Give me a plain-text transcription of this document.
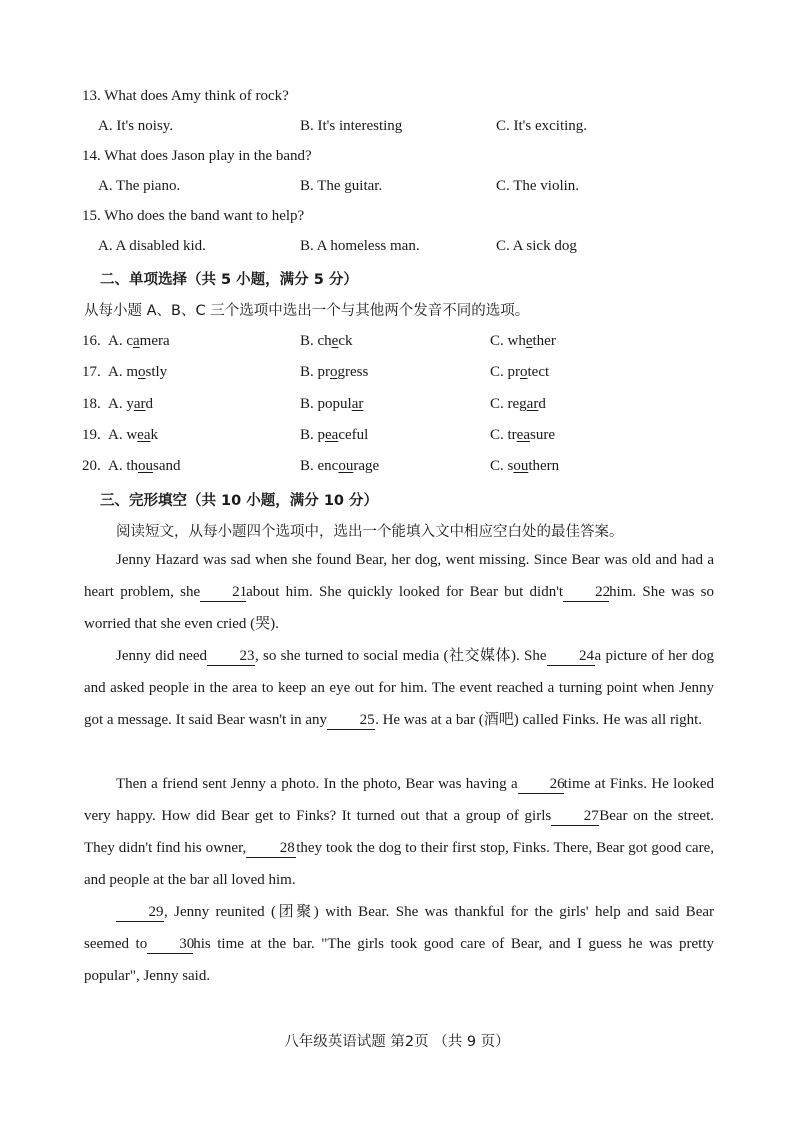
13. What does Amy think of rock?
A. It's noisy.	B. It's interesting	C. It's exciting.
14. What does Jason play in the band?
A. The piano.	B. The guitar.	C. The violin.
15. Who does the band want to help?
A. A disabled kid.	B. A homeless man.	C. A sick dog
二、单项选择（共 5 小题，满分 5 分）
从每小题 A、B、C 三个选项中选出一个与其他两个发音不同的选项。
16. A. camera	B. check	C. whether
17. A. mostly	B. progress	C. protect
18. A. yard	B. popular	C. regard
19. A. weak	B. peaceful	C. treasure
20. A. thousand	B. encourage	C. southern
三、完形填空（共 10 小题，满分 10 分）
阅读短文，从每小题四个选项中，选出一个能填入文中相应空白处的最佳答案。
Jenny Hazard was sad when she found Bear, her dog, went missing. Since Bear was old and had a heart problem, she 21about him. She quickly looked for Bear but didn't 22him. She was so worried that she even cried (哭).
Jenny did need 23, so she turned to social media (社交媒体). She 24a picture of her dog and asked people in the area to keep an eye out for him. The event reached a turning point when Jenny got a message. It said Bear wasn't in any 25. He was at a bar (酒吧) called Finks. He was all right.
Then a friend sent Jenny a photo. In the photo, Bear was having a 26time at Finks. He looked very happy. How did Bear get to Finks? It turned out that a group of girls 27Bear on the street. They didn't find his owner, 28 they took the dog to their first stop, Finks. There, Bear got good care, and people at the bar all loved him.
29, Jenny reunited (团聚) with Bear. She was thankful for the girls' help and said Bear seemed to 30his time at the bar. "The girls took good care of Bear, and I guess he was pretty popular", Jenny said.
八年级英语试题 第2页 （共 9 页）
